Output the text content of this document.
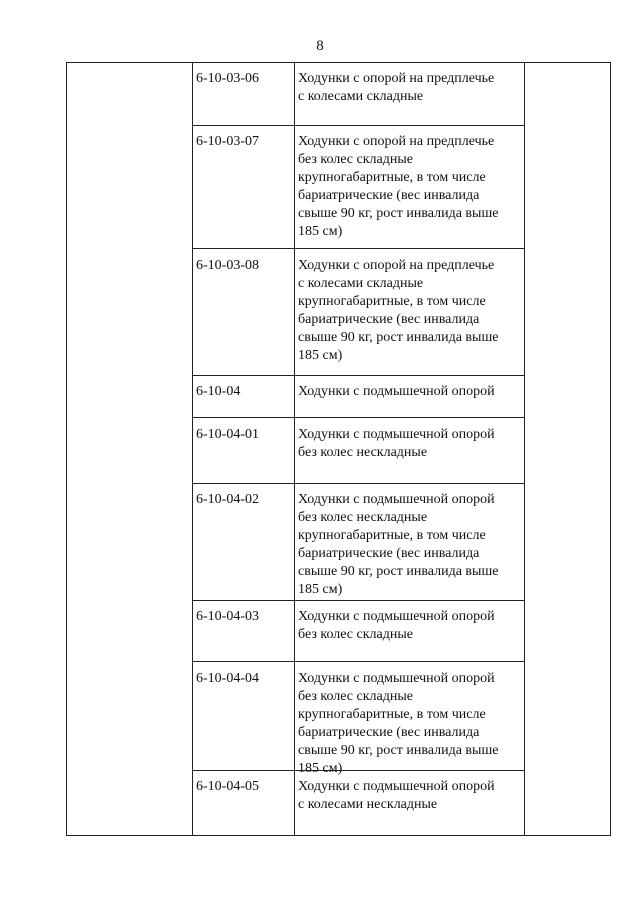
8
6-10-03-06	Ходунки с опорой на предплечье
с колесами складные
6-10-03-07	Ходунки с опорой на предплечье
без колес складные
крупногабаритные, в том числе
бариатрические (вес инвалида
свыше 90 кг, рост инвалида выше
185 см)
6-10-03-08	Ходунки с опорой на предплечье
с колесами складные
крупногабаритные, в том числе
бариатрические (вес инвалида
свыше 90 кг, рост инвалида выше
185 см)
6-10-04	Ходунки с подмышечной опорой
6-10-04-01	Ходунки с подмышечной опорой
без колес нескладные
6-10-04-02	Ходунки с подмышечной опорой
без колес нескладные
крупногабаритные, в том числе
бариатрические (вес инвалида
свыше 90 кг, рост инвалида выше
185 см)
6-10-04-03	Ходунки с подмышечной опорой
без колес складные
6-10-04-04	Ходунки с подмышечной опорой
без колес складные
крупногабаритные, в том числе
бариатрические (вес инвалида
свыше 90 кг, рост инвалида выше
185 см)
6-10-04-05	Ходунки с подмышечной опорой
с колесами нескладные
